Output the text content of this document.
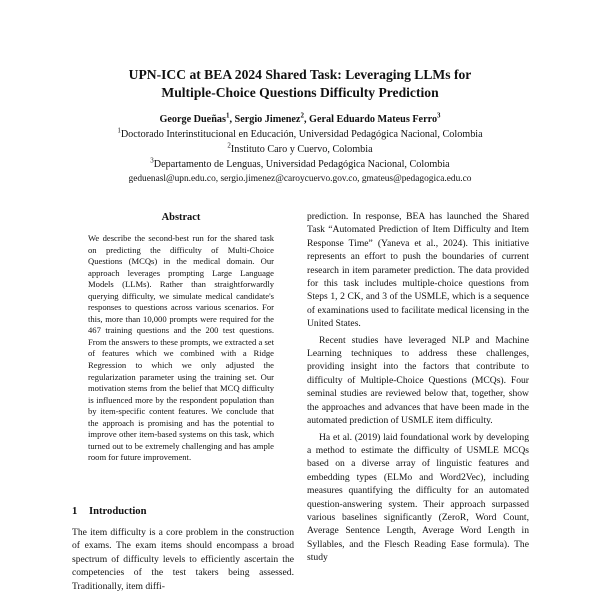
UPN-ICC at BEA 2024 Shared Task: Leveraging LLMs for
Multiple-Choice Questions Difficulty Prediction
George Dueñas$^1$, Sergio Jimenez$^2$, Geral Eduardo Mateus Ferro$^3$
$^1$Doctorado Interinstitucional en Educación, Universidad Pedagógica Nacional, Colombia
$^2$Instituto Caro y Cuervo, Colombia
$^3$Departamento de Lenguas, Universidad Pedagógica Nacional, Colombia
geduenasl@upn.edu.co, sergio.jimenez@caroycuervo.gov.co, gmateus@pedagogica.edu.co
Abstract
We describe the second-best run for the shared task on predicting the difficulty of Multi-Choice Questions (MCQs) in the medical domain. Our approach leverages prompting Large Language Models (LLMs). Rather than straightforwardly querying difficulty, we simulate medical candidate's responses to questions across various scenarios. For this, more than 10,000 prompts were required for the 467 training questions and the 200 test questions. From the answers to these prompts, we extracted a set of features which we combined with a Ridge Regression to which we only adjusted the regularization parameter using the training set. Our motivation stems from the belief that MCQ difficulty is influenced more by the respondent population than by item-specific content features. We conclude that the approach is promising and has the potential to improve other item-based systems on this task, which turned out to be extremely challenging and has ample room for future improvement.
1 Introduction
The item difficulty is a core problem in the construction of exams. The exam items should encompass a broad spectrum of difficulty levels to efficiently ascertain the competencies of the test takers being assessed. Traditionally, item diffi-

prediction. In response, BEA has launched the Shared Task “Automated Prediction of Item Difficulty and Item Response Time” (Yaneva et al., 2024). This initiative represents an effort to push the boundaries of current research in item parameter prediction. The data provided for this task includes multiple-choice questions from Steps 1, 2 CK, and 3 of the USMLE, which is a sequence of examinations used to facilitate medical licensing in the United States.

Recent studies have leveraged NLP and Machine Learning techniques to address these challenges, providing insight into the factors that contribute to difficulty of Multiple-Choice Questions (MCQs). Four seminal studies are reviewed below that, together, show the approaches and advances that have been made in the automated prediction of USMLE item difficulty.

Ha et al. (2019) laid foundational work by developing a method to estimate the difficulty of USMLE MCQs based on a diverse array of linguistic features and embedding types (ELMo and Word2Vec), including measures quantifying the difficulty for an automated question-answering system. Their approach surpassed various baselines significantly (ZeroR, Word Count, Average Sentence Length, Average Word Length in Syllables, and the Flesch Reading Ease formula). The study
